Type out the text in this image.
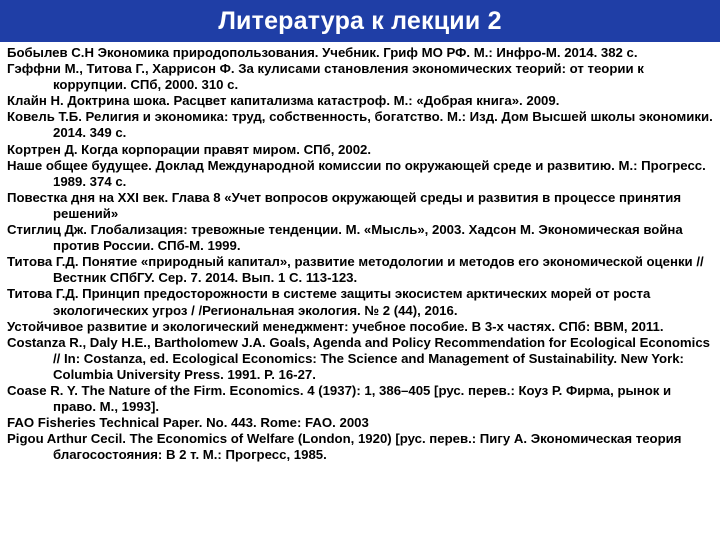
Литература к лекции 2
Бобылев С.Н Экономика природопользования. Учебник. Гриф МО РФ. М.: Инфро-М. 2014. 382 с.
Гэффни М., Титова Г., Харрисон Ф. За кулисами становления экономических теорий: от теории к коррупции. СПб, 2000. 310 с.
Клайн Н. Доктрина шока. Расцвет капитализма катастроф. М.: «Добрая книга». 2009.
Ковель Т.Б. Религия и экономика: труд, собственность, богатство. М.: Изд. Дом Высшей школы экономики. 2014. 349 с.
Кортрен Д. Когда корпорации правят миром. СПб, 2002.
Наше общее будущее. Доклад Международной комиссии по окружающей среде и развитию. М.: Прогресс. 1989. 374 с.
Повестка дня на XXI век. Глава 8 «Учет вопросов окружающей среды и развития в процессе принятия решений»
Стиглиц Дж. Глобализация: тревожные тенденции. М. «Мысль», 2003. Хадсон М. Экономическая война против России. СПб-М. 1999.
Титова Г.Д. Понятие «природный капитал», развитие методологии и методов его экономической оценки // Вестник СПбГУ. Сер. 7. 2014. Вып. 1 С. 113-123.
Титова Г.Д. Принцип предосторожности в системе защиты экосистем арктических морей от роста экологических угроз / /Региональная экология. № 2 (44), 2016.
Устойчивое развитие и экологический менеджмент: учебное пособие. В 3-х частях. СПб: ВВМ, 2011.
Costanza R., Daly H.E., Bartholomew J.A. Goals, Agenda and Policy Recommendation for Ecological Economics // In: Costanza, ed. Ecological Economics: The Science and Management of Sustainability. New York: Columbia University Press. 1991. P. 16-27.
Coase R. Y. The Nature of the Firm. Economics. 4 (1937): 1, 386–405 [рус. перев.: Коуз Р. Фирма, рынок и право. М., 1993].
FAO Fisheries Technical Paper. No. 443. Rome: FAO. 2003
Pigou Arthur Cecil. The Economics of Welfare (London, 1920) [рус. перев.: Пигу А. Экономическая теория благосостояния: В 2 т. М.: Прогресс, 1985.
